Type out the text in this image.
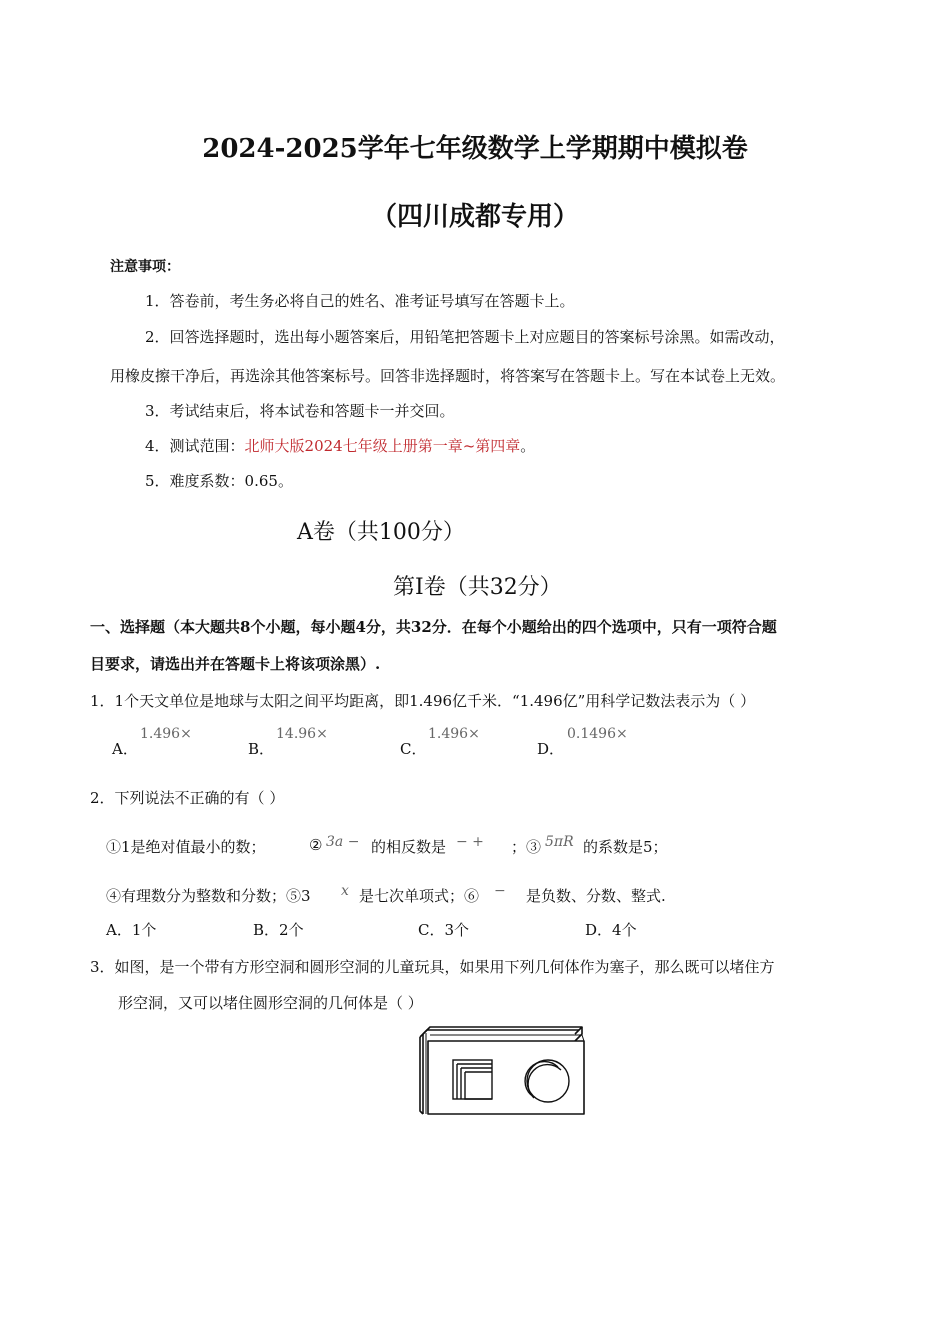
2024-2025学年七年级数学上学期期中模拟卷
（四川成都专用）
注意事项：
1．答卷前，考生务必将自己的姓名、准考证号填写在答题卡上。
2．回答选择题时，选出每小题答案后，用铅笔把答题卡上对应题目的答案标号涂黑。如需改动，
用橡皮擦干净后，再选涂其他答案标号。回答非选择题时，将答案写在答题卡上。写在本试卷上无效。
3．考试结束后，将本试卷和答题卡一并交回。
4．测试范围：北师大版2024七年级上册第一章~第四章。
5．难度系数：0.65。
A卷（共100分）
第Ⅰ卷（共32分）
一、选择题（本大题共8个小题，每小题4分，共32分．在每个小题给出的四个选项中，只有一项符合题
目要求，请选出并在答题卡上将该项涂黑）.
1．1个天文单位是地球与太阳之间平均距离，即1.496亿千米．“1.496亿”用科学记数法表示为（ ）
A．
1.496×
B．
14.96×
C．
1.496×
D．
0.1496×
2．下列说法不正确的有（ ）
①1是绝对值最小的数；	② 3a − 的相反数是 − + ；③ 5πR 的系数是5；
④有理数分为整数和分数；⑤3 x 是七次单项式；⑥ − 是负数、分数、整式.
A．1个	B．2个	C．3个	D．4个
3．如图，是一个带有方形空洞和圆形空洞的儿童玩具，如果用下列几何体作为塞子，那么既可以堵住方
形空洞，又可以堵住圆形空洞的几何体是（ ）
